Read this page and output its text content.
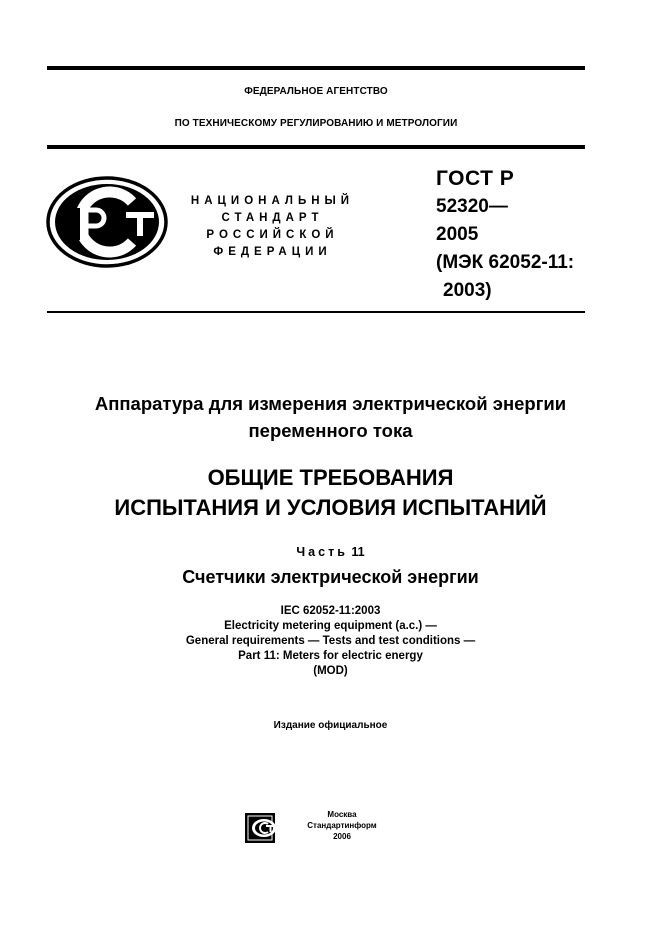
ФЕДЕРАЛЬНОЕ АГЕНТСТВО
ПО ТЕХНИЧЕСКОМУ РЕГУЛИРОВАНИЮ И МЕТРОЛОГИИ
НАЦИОНАЛЬНЫЙ
СТАНДАРТ
РОССИЙСКОЙ
ФЕДЕРАЦИИ
ГОСТ Р
52320—
2005
(МЭК 62052-11:
2003)
Аппаратура для измерения электрической энергии
переменного тока
ОБЩИЕ ТРЕБОВАНИЯ
ИСПЫТАНИЯ И УСЛОВИЯ ИСПЫТАНИЙ
Часть 11
Счетчики электрической энергии
IEC 62052-11:2003
Electricity metering equipment (a.c.) —
General requirements — Tests and test conditions —
Part 11: Meters for electric energy
(MOD)
Издание официальное
Москва
Стандартинформ
2006
